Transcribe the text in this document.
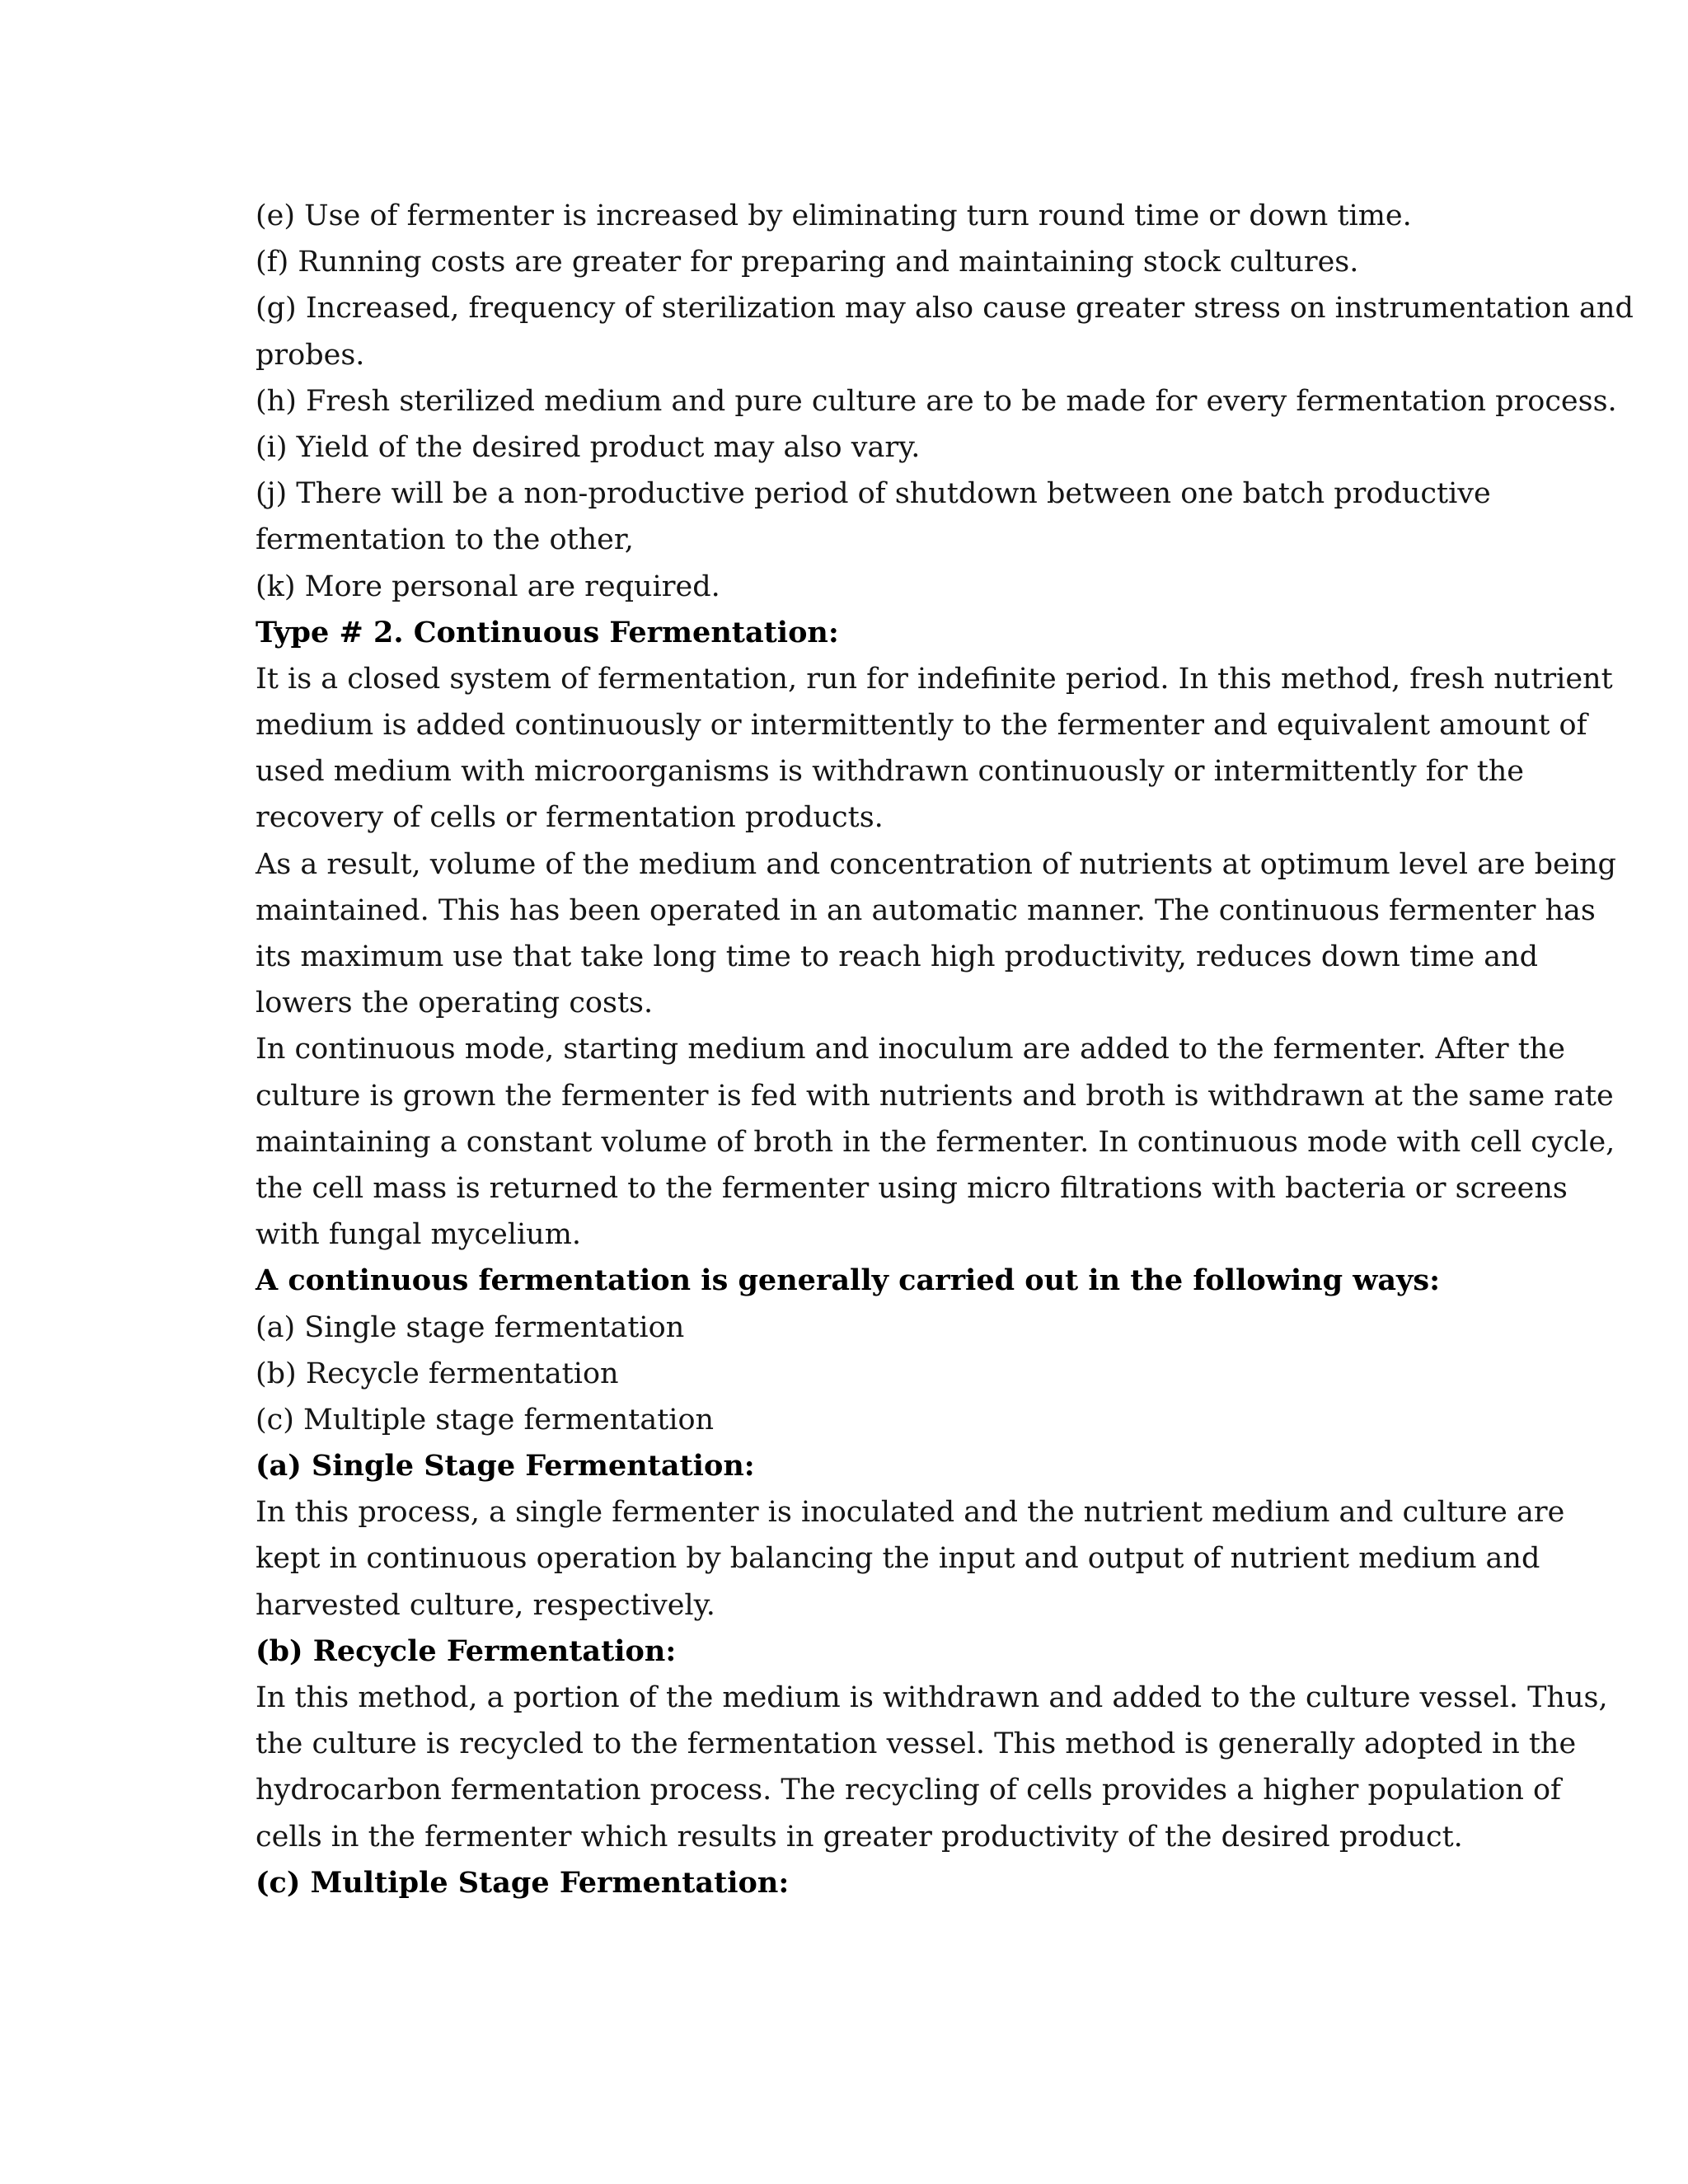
(e) Use of fermenter is increased by eliminating turn round time or down time.
(f) Running costs are greater for preparing and maintaining stock cultures.
(g) Increased, frequency of sterilization may also cause greater stress on instrumentation and
probes.
(h) Fresh sterilized medium and pure culture are to be made for every fermentation process.
(i) Yield of the desired product may also vary.
(j) There will be a non-productive period of shutdown between one batch productive
fermentation to the other,
(k) More personal are required.
Type # 2. Continuous Fermentation:
It is a closed system of fermentation, run for indefinite period. In this method, fresh nutrient
medium is added continuously or intermittently to the fermenter and equivalent amount of
used medium with microorganisms is withdrawn continuously or intermittently for the
recovery of cells or fermentation products.
As a result, volume of the medium and concentration of nutrients at optimum level are being
maintained. This has been operated in an automatic manner. The continuous fermenter has
its maximum use that take long time to reach high productivity, reduces down time and
lowers the operating costs.
In continuous mode, starting medium and inoculum are added to the fermenter. After the
culture is grown the fermenter is fed with nutrients and broth is withdrawn at the same rate
maintaining a constant volume of broth in the fermenter. In continuous mode with cell cycle,
the cell mass is returned to the fermenter using micro filtrations with bacteria or screens
with fungal mycelium.
A continuous fermentation is generally carried out in the following ways:
(a) Single stage fermentation
(b) Recycle fermentation
(c) Multiple stage fermentation
(a) Single Stage Fermentation:
In this process, a single fermenter is inoculated and the nutrient medium and culture are
kept in continuous operation by balancing the input and output of nutrient medium and
harvested culture, respectively.
(b) Recycle Fermentation:
In this method, a portion of the medium is withdrawn and added to the culture vessel. Thus,
the culture is recycled to the fermentation vessel. This method is generally adopted in the
hydrocarbon fermentation process. The recycling of cells provides a higher population of
cells in the fermenter which results in greater productivity of the desired product.
(c) Multiple Stage Fermentation:
